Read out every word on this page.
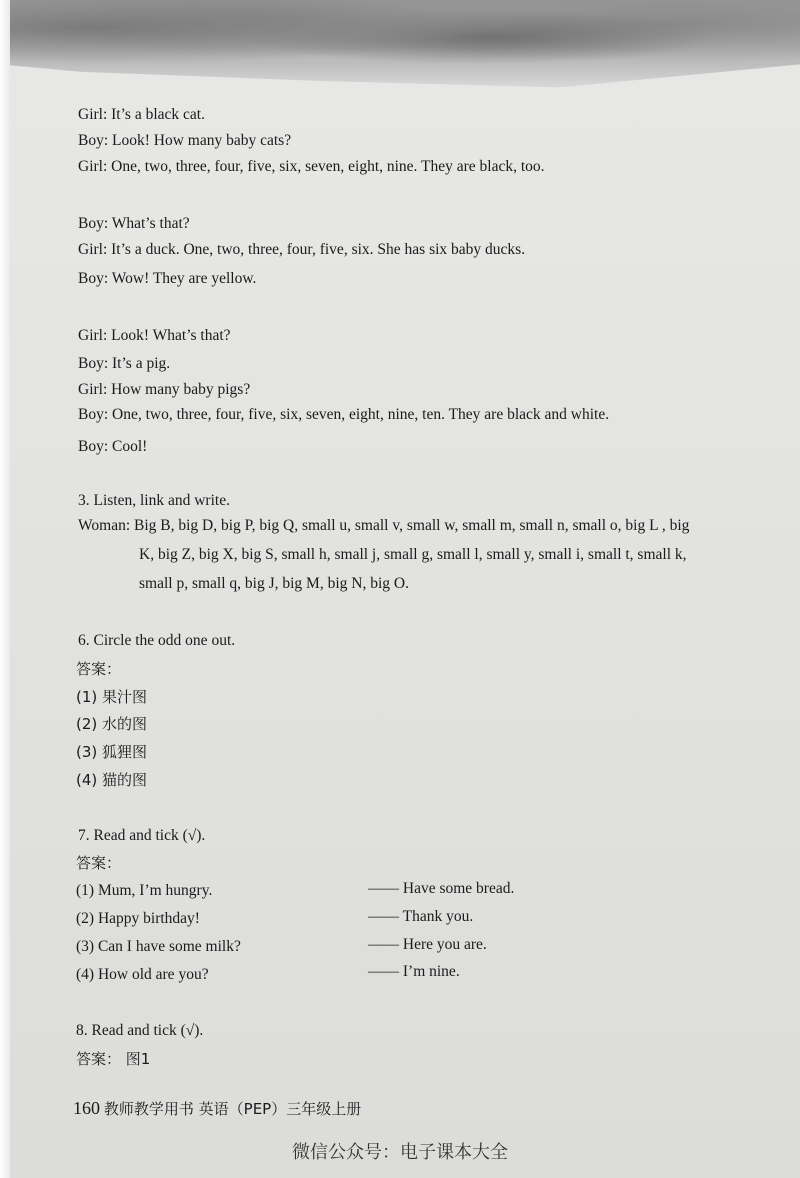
Girl: It’s a black cat.
Boy: Look! How many baby cats?
Girl: One, two, three, four, five, six, seven, eight, nine. They are black, too.
Boy: What’s that?
Girl: It’s a duck. One, two, three, four, five, six. She has six baby ducks.
Boy: Wow! They are yellow.
Girl: Look! What’s that?
Boy: It’s a pig.
Girl: How many baby pigs?
Boy: One, two, three, four, five, six, seven, eight, nine, ten. They are black and white.
Boy: Cool!
3. Listen, link and write.
Woman: Big B, big D, big P, big Q, small u, small v, small w, small m, small n, small o, big L , big
K, big Z, big X, big S, small h, small j, small g, small l, small y, small i, small t, small k,
small p, small q, big J, big M, big N, big O.
6. Circle the odd one out.
答案：
(1) 果汁图
(2) 水的图
(3) 狐狸图
(4) 猫的图
7. Read and tick (√).
答案：
(1) Mum, I’m hungry.	—— Have some bread.
(2) Happy birthday!	—— Thank you.
(3) Can I have some milk?	—— Here you are.
(4) How old are you?	—— I’m nine.
8. Read and tick (√).
答案： 图1
160 教师教学用书 英语（PEP）三年级上册
微信公众号：电子课本大全
